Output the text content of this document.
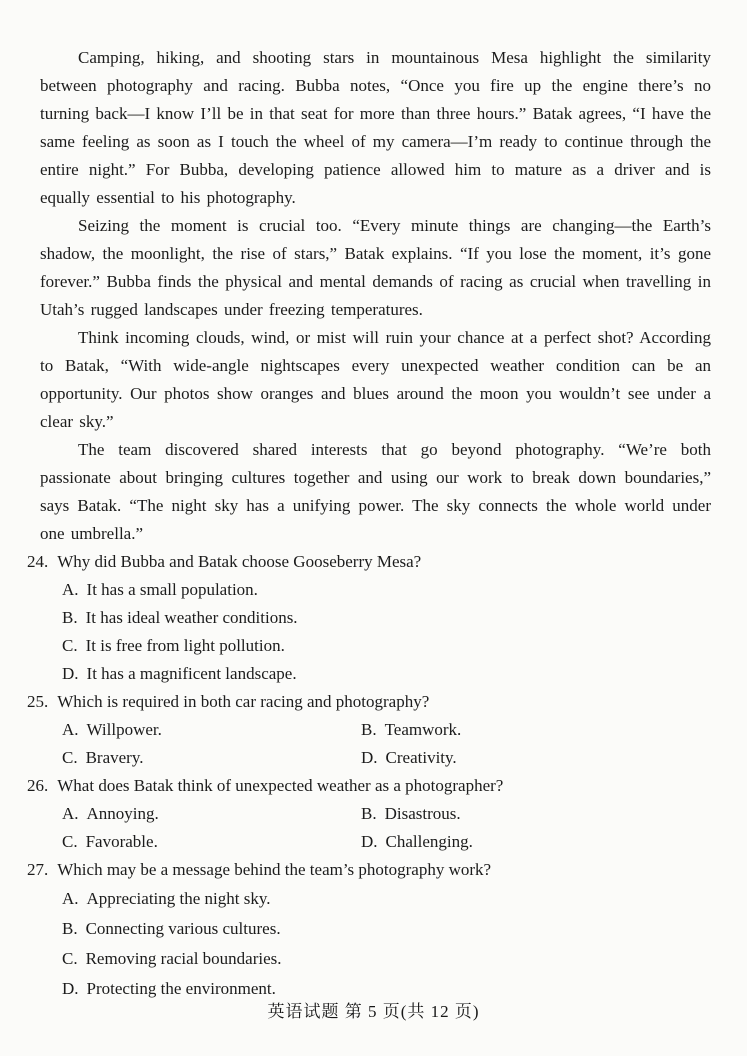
Camping, hiking, and shooting stars in mountainous Mesa highlight the similarity between photography and racing. Bubba notes, “Once you fire up the engine there’s no turning back—I know I’ll be in that seat for more than three hours.” Batak agrees, “I have the same feeling as soon as I touch the wheel of my camera—I’m ready to continue through the entire night.” For Bubba, developing patience allowed him to mature as a driver and is equally essential to his photography.

Seizing the moment is crucial too. “Every minute things are changing—the Earth’s shadow, the moonlight, the rise of stars,” Batak explains. “If you lose the moment, it’s gone forever.” Bubba finds the physical and mental demands of racing as crucial when travelling in Utah’s rugged landscapes under freezing temperatures.

Think incoming clouds, wind, or mist will ruin your chance at a perfect shot? According to Batak, “With wide-angle nightscapes every unexpected weather condition can be an opportunity. Our photos show oranges and blues around the moon you wouldn’t see under a clear sky.”

The team discovered shared interests that go beyond photography. “We’re both passionate about bringing cultures together and using our work to break down boundaries,” says Batak. “The night sky has a unifying power. The sky connects the whole world under one umbrella.”

24. Why did Bubba and Batak choose Gooseberry Mesa?
A. It has a small population.
B. It has ideal weather conditions.
C. It is free from light pollution.
D. It has a magnificent landscape.
25. Which is required in both car racing and photography?
A. Willpower.	B. Teamwork.
C. Bravery.	D. Creativity.
26. What does Batak think of unexpected weather as a photographer?
A. Annoying.	B. Disastrous.
C. Favorable.	D. Challenging.
27. Which may be a message behind the team’s photography work?
A. Appreciating the night sky.
B. Connecting various cultures.
C. Removing racial boundaries.
D. Protecting the environment.
英语试题 第 5 页(共 12 页)
